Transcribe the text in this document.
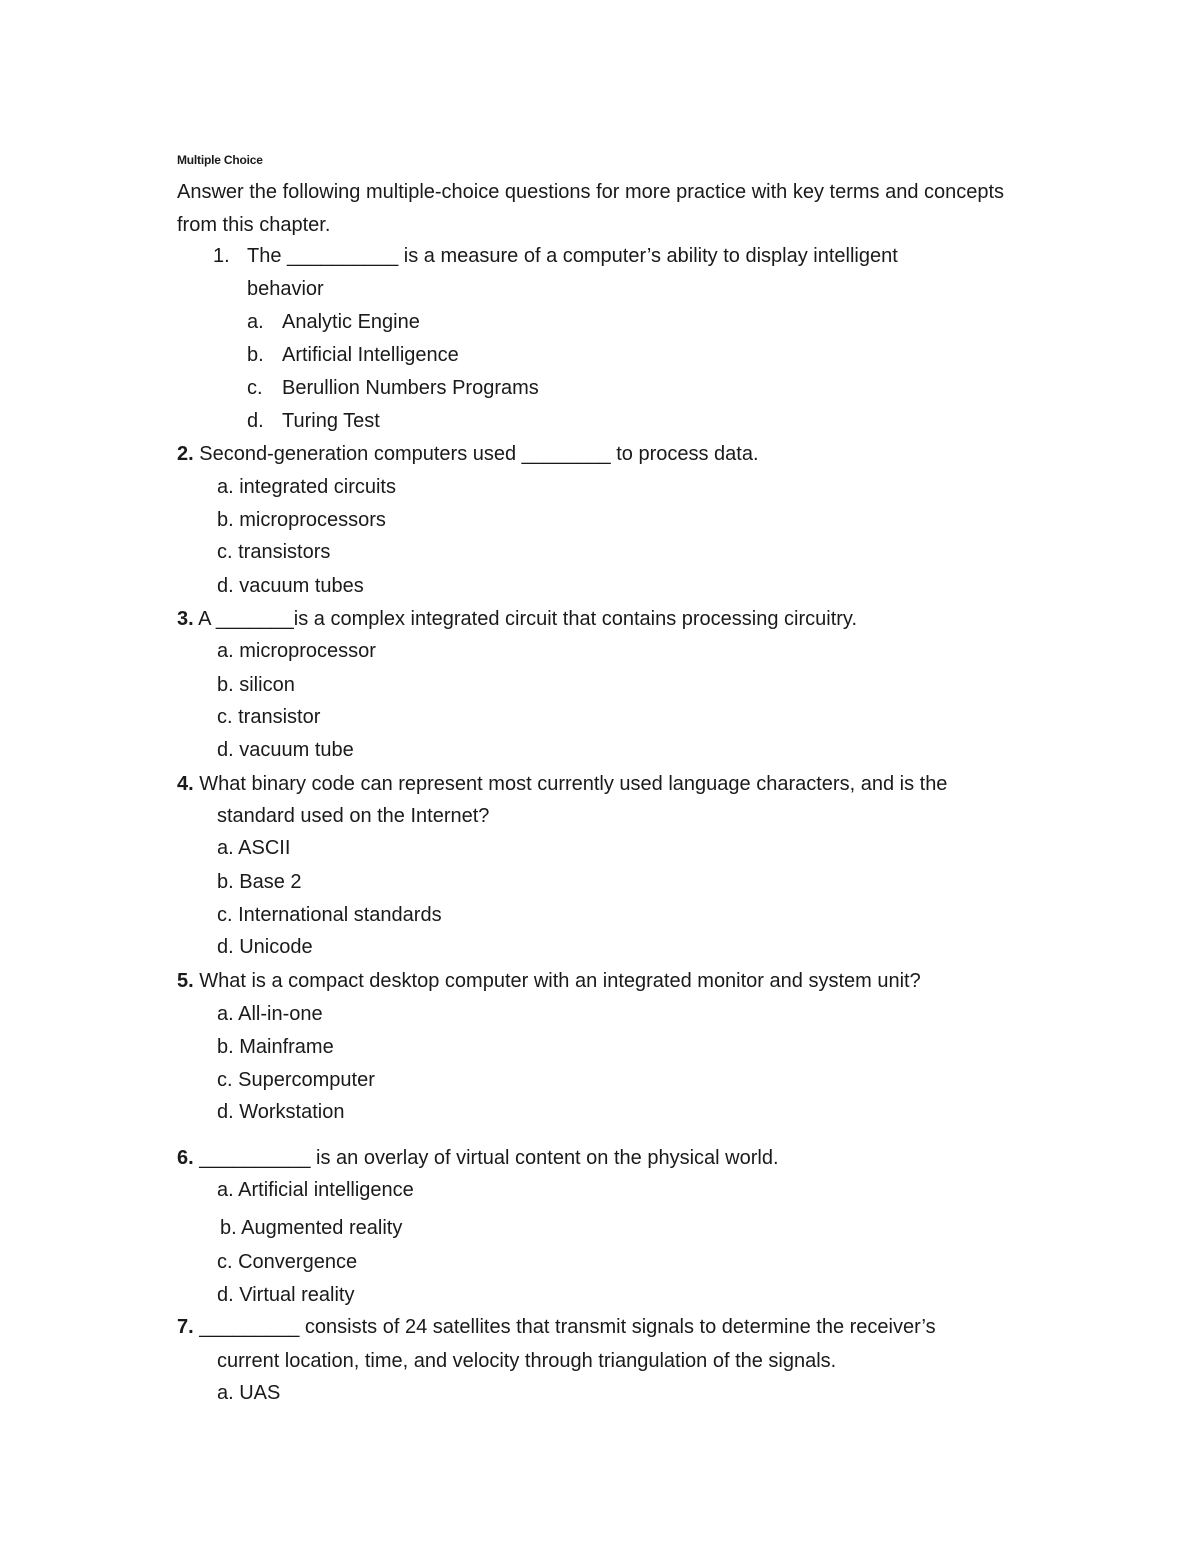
Multiple Choice
Answer the following multiple-choice questions for more practice with key terms and concepts from this chapter.
1. The __________ is a measure of a computer’s ability to display intelligent
behavior
a. Analytic Engine
b. Artificial Intelligence
c. Berullion Numbers Programs
d. Turing Test
2. Second-generation computers used ________ to process data.
a. integrated circuits
b. microprocessors
c. transistors
d. vacuum tubes
3. A _______is a complex integrated circuit that contains processing circuitry.
a. microprocessor
b. silicon
c. transistor
d. vacuum tube
4. What binary code can represent most currently used language characters, and is the
standard used on the Internet?
a. ASCII
b. Base 2
c. International standards
d. Unicode
5. What is a compact desktop computer with an integrated monitor and system unit?
a. All-in-one
b. Mainframe
c. Supercomputer
d. Workstation
6. __________ is an overlay of virtual content on the physical world.
a. Artificial intelligence
b. Augmented reality
c. Convergence
d. Virtual reality
7. _________ consists of 24 satellites that transmit signals to determine the receiver’s
current location, time, and velocity through triangulation of the signals.
a. UAS
